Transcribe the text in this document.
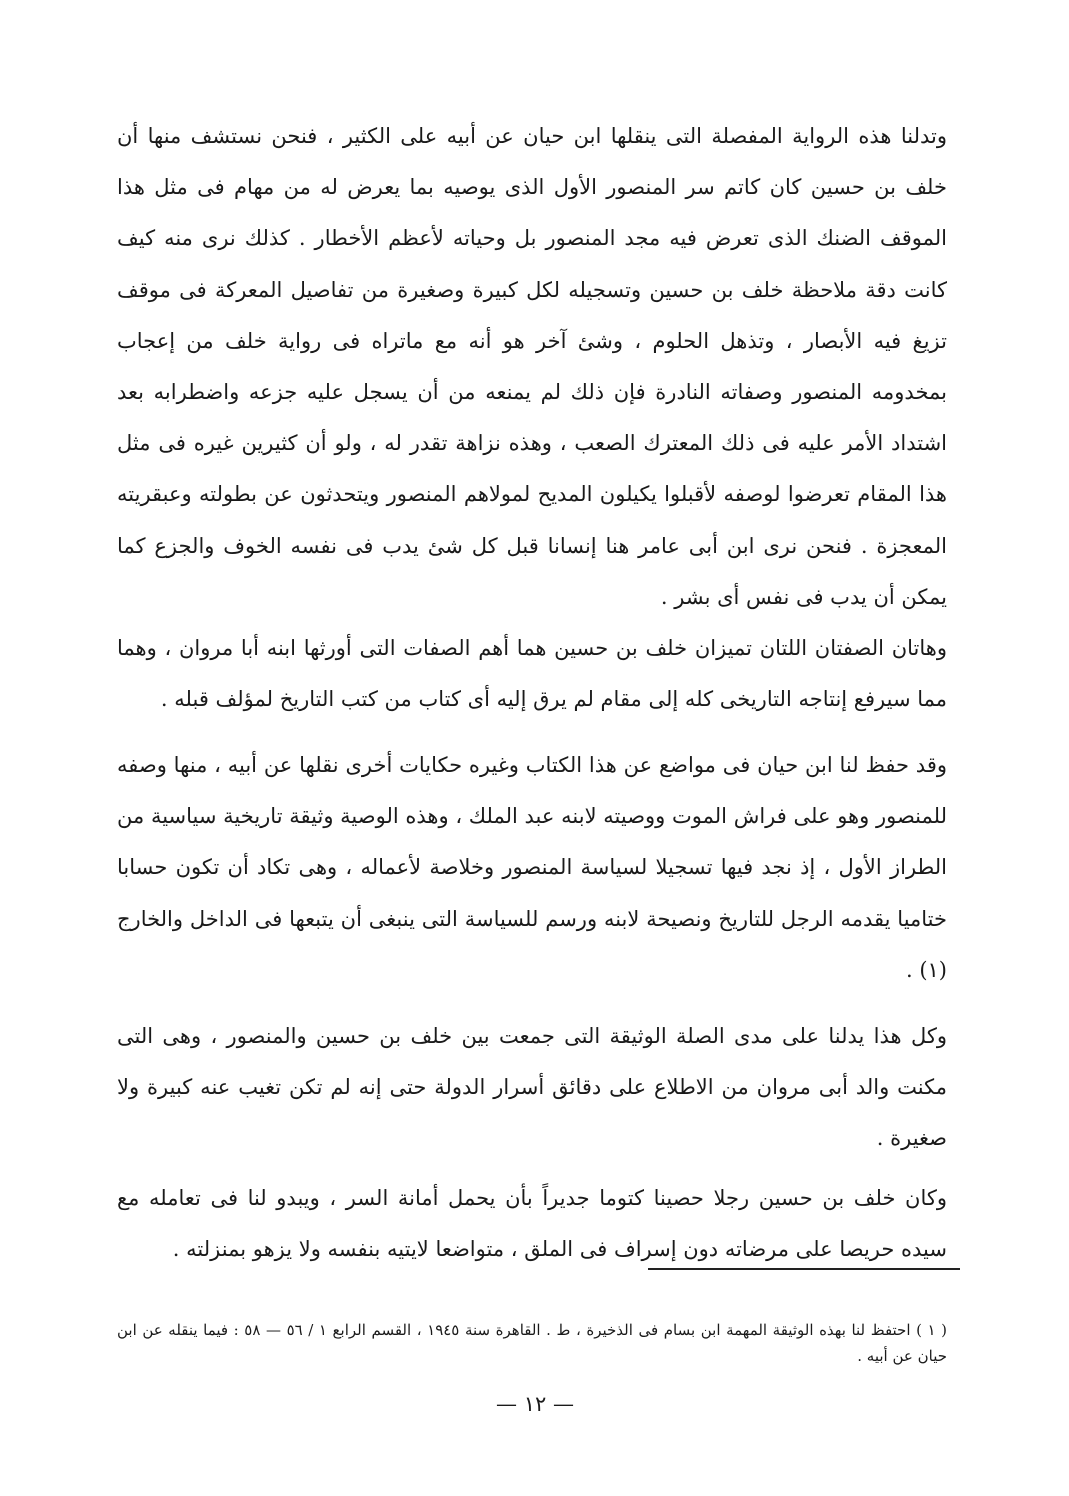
وتدلنا هذه الرواية المفصلة التى ينقلها ابن حيان عن أبيه على الكثير ، فنحن نستشف منها أن خلف بن حسين كان كاتم سر المنصور الأول الذى يوصيه بما يعرض له من مهام فى مثل هذا الموقف الضنك الذى تعرض فيه مجد المنصور بل وحياته لأعظم الأخطار . كذلك نرى منه كيف كانت دقة ملاحظة خلف بن حسين وتسجيله لكل كبيرة وصغيرة من تفاصيل المعركة فى موقف تزيغ فيه الأبصار ، وتذهل الحلوم ، وشئ آخر هو أنه مع ماتراه فى رواية خلف من إعجاب بمخدومه المنصور وصفاته النادرة فإن ذلك لم يمنعه من أن يسجل عليه جزعه واضطرابه بعد اشتداد الأمر عليه فى ذلك المعترك الصعب ، وهذه نزاهة تقدر له ، ولو أن كثيرين غيره فى مثل هذا المقام تعرضوا لوصفه لأقبلوا يكيلون المديح لمولاهم المنصور ويتحدثون عن بطولته وعبقريته المعجزة . فنحن نرى ابن أبى عامر هنا إنسانا قبل كل شئ يدب فى نفسه الخوف والجزع كما يمكن أن يدب فى نفس أى بشر .

وهاتان الصفتان اللتان تميزان خلف بن حسين هما أهم الصفات التى أورثها ابنه أبا مروان ، وهما مما سيرفع إنتاجه التاريخى كله إلى مقام لم يرق إليه أى كتاب من كتب التاريخ لمؤلف قبله .

وقد حفظ لنا ابن حيان فى مواضع عن هذا الكتاب وغيره حكايات أخرى نقلها عن أبيه ، منها وصفه للمنصور وهو على فراش الموت ووصيته لابنه عبد الملك ، وهذه الوصية وثيقة تاريخية سياسية من الطراز الأول ، إذ نجد فيها تسجيلا لسياسة المنصور وخلاصة لأعماله ، وهى تكاد أن تكون حسابا ختاميا يقدمه الرجل للتاريخ ونصيحة لابنه ورسم للسياسة التى ينبغى أن يتبعها فى الداخل والخارج (١) .

وكل هذا يدلنا على مدى الصلة الوثيقة التى جمعت بين خلف بن حسين والمنصور ، وهى التى مكنت والد أبى مروان من الاطلاع على دقائق أسرار الدولة حتى إنه لم تكن تغيب عنه كبيرة ولا صغيرة .

وكان خلف بن حسين رجلا حصينا كتوما جديراً بأن يحمل أمانة السر ، ويبدو لنا فى تعامله مع سيده حريصا على مرضاته دون إسراف فى الملق ، متواضعا لايتيه بنفسه ولا يزهو بمنزلته .

( ١ ) احتفظ لنا بهذه الوثيقة المهمة ابن بسام فى الذخيرة ، ط . القاهرة سنة ١٩٤٥ ، القسم الرابع ١ / ٥٦ — ٥٨ : فيما ينقله عن ابن حيان عن أبيه .

— ١٢ —
